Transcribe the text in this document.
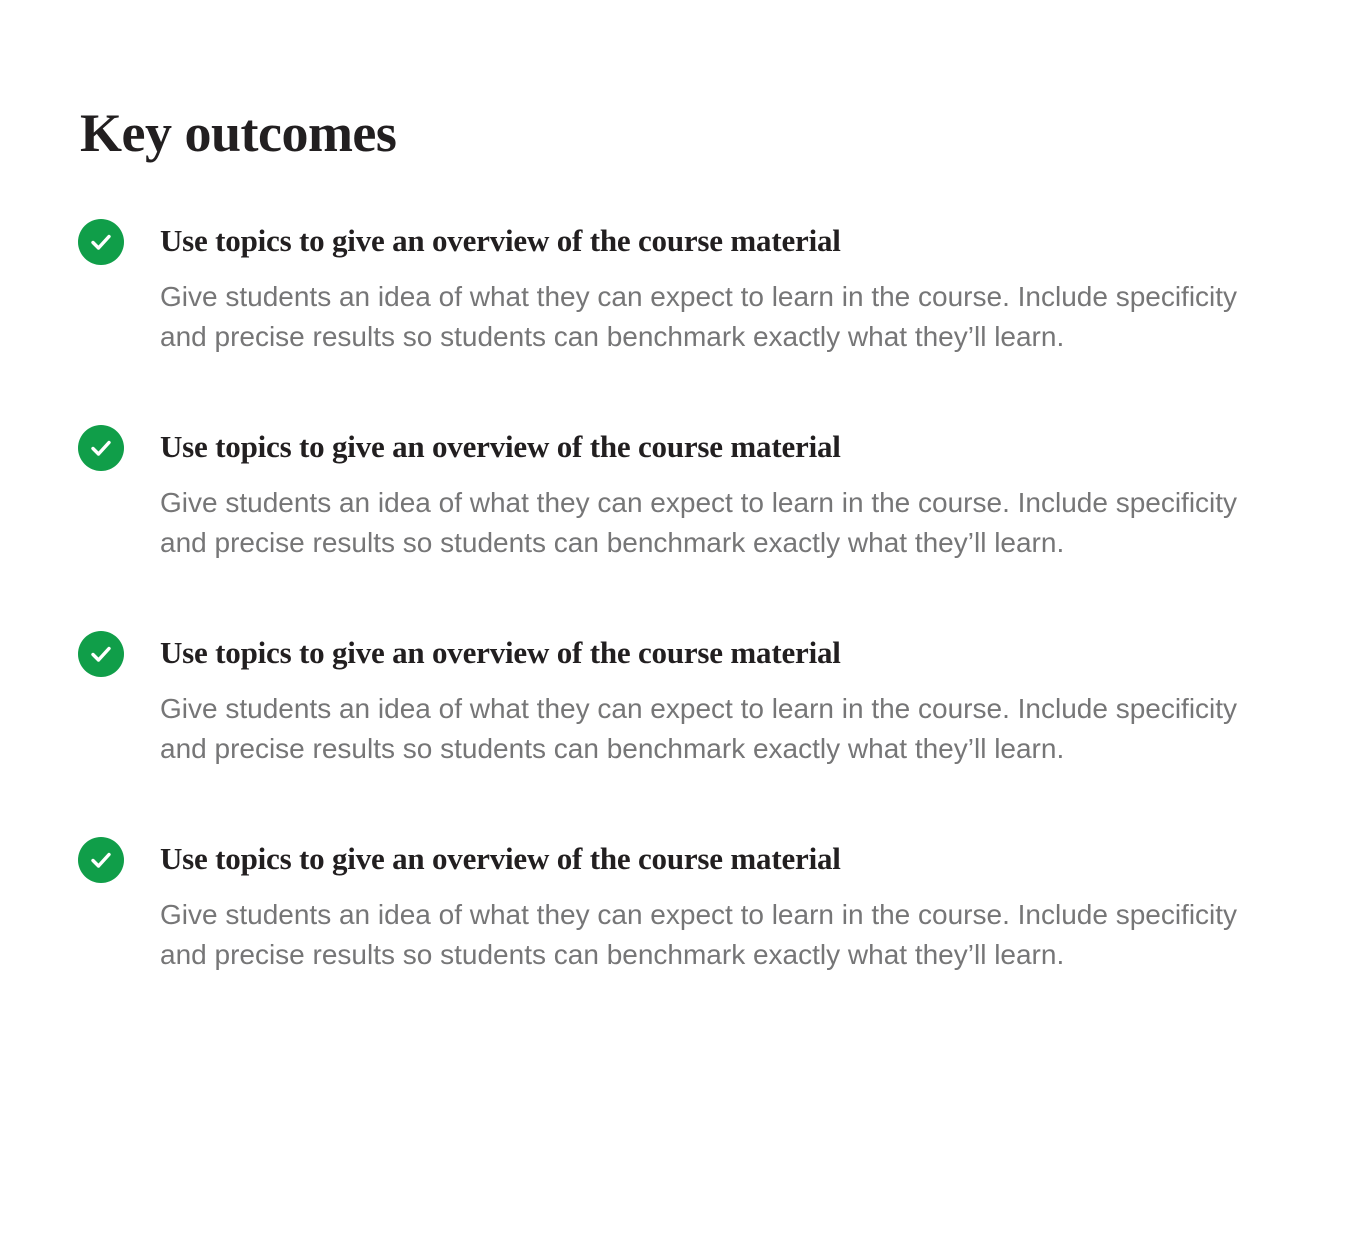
Key outcomes
Use topics to give an overview of the course material
Give students an idea of what they can expect to learn in the course. Include specificity and precise results so students can benchmark exactly what they’ll learn.
Use topics to give an overview of the course material
Give students an idea of what they can expect to learn in the course. Include specificity and precise results so students can benchmark exactly what they’ll learn.
Use topics to give an overview of the course material
Give students an idea of what they can expect to learn in the course. Include specificity and precise results so students can benchmark exactly what they’ll learn.
Use topics to give an overview of the course material
Give students an idea of what they can expect to learn in the course. Include specificity and precise results so students can benchmark exactly what they’ll learn.
